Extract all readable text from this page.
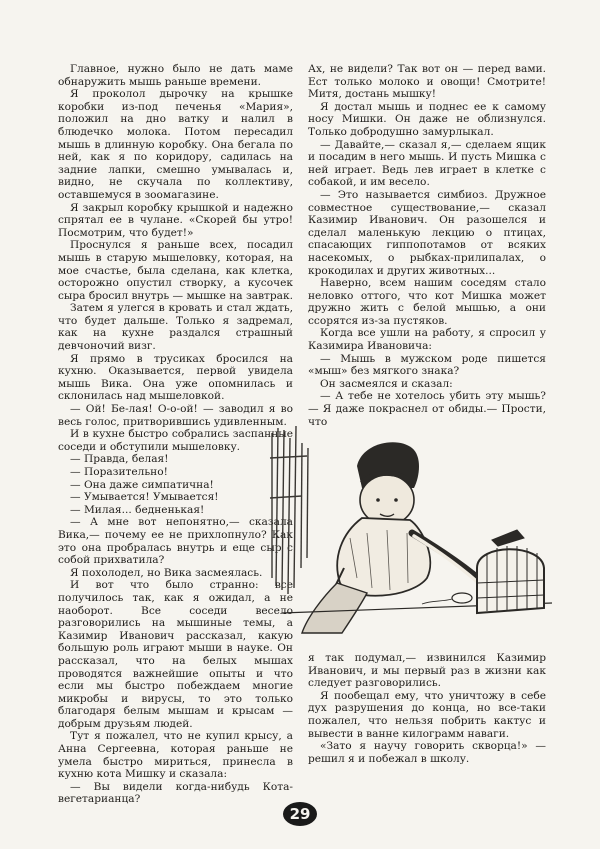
Главное, нужно было не дать маме обнаружить мышь раньше времени.

Я проколол дырочку на крышке коробки из-под печенья «Мария», положил на дно ватку и налил в блюдечко молока. Потом пересадил мышь в длинную коробку. Она бегала по ней, как я по коридору, садилась на задние лапки, смешно умывалась и, видно, не скучала по коллективу, оставшемуся в зоомагазине.

Я закрыл коробку крышкой и надежно спрятал ее в чулане. «Скорей бы утро! Посмотрим, что будет!»

Проснулся я раньше всех, посадил мышь в старую мышеловку, которая, на мое счастье, была сделана, как клетка, осторожно опустил створку, а кусочек сыра бросил внутрь — мышке на завтрак.

Затем я улегся в кровать и стал ждать, что будет дальше. Только я задремал, как на кухне раздался страшный девчоночий визг.

Я прямо в трусиках бросился на кухню. Оказывается, первой увидела мышь Вика. Она уже опомнилась и склонилась над мышеловкой.

— Ой! Бе-лая! О-о-ой! — заводил я во весь голос, притворившись удивленным.

И в кухне быстро собрались заспанные соседи и обступили мышеловку.

— Правда, белая!

— Поразительно!

— Она даже симпатична!

— Умывается! Умывается!

— Милая... бедненькая!

— А мне вот непонятно,— сказала Вика,— почему ее не прихлопнуло? Как это она пробралась внутрь и еще сыр с собой прихватила?

Я похолодел, но Вика засмеялась.

И вот что было странно: все получилось так, как я ожидал, а не наоборот. Все соседи весело разговорились на мышиные темы, а Казимир Иванович рассказал, какую большую роль играют мыши в науке. Он рассказал, что на белых мышах проводятся важнейшие опыты и что если мы быстро побеждаем многие микробы и вирусы, то это только благодаря белым мышам и крысам — добрым друзьям людей.

Тут я пожалел, что не купил крысу, а Анна Сергеевна, которая раньше не умела быстро мириться, принесла в кухню кота Мишку и сказала:

— Вы видели когда-нибудь Кота-вегетарианца?

Ах, не видели? Так вот он — перед вами. Ест только молоко и овощи! Смотрите! Митя, достань мышку!

Я достал мышь и поднес ее к самому носу Мишки. Он даже не облизнулся. Только добродушно замурлыкал.

— Давайте,— сказал я,— сделаем ящик и посадим в него мышь. И пусть Мишка с ней играет. Ведь лев играет в клетке с собакой, и им весело.

— Это называется симбиоз. Дружное совместное существование,— сказал Казимир Иванович. Он разошелся и сделал маленькую лекцию о птицах, спасающих гиппопотамов от всяких насекомых, о рыбках-прилипалах, о крокодилах и других животных...

Наверно, всем нашим соседям стало неловко оттого, что кот Мишка может дружно жить с белой мышью, а они ссорятся из-за пустяков.

Когда все ушли на работу, я спросил у Казимира Ивановича:

— Мышь в мужском роде пишется «мыш» без мягкого знака?

Он засмеялся и сказал:

— А тебе не хотелось убить эту мышь? — Я даже покраснел от обиды.— Прости, что

я так подумал,— извинился Казимир Иванович, и мы первый раз в жизни как следует разговорились.

Я пообещал ему, что уничтожу в себе дух разрушения до конца, но все-таки пожалел, что нельзя побрить кактус и вывести в ванне килограмм наваги.

«Зато я научу говорить скворца!» — решил я и побежал в школу.

29
